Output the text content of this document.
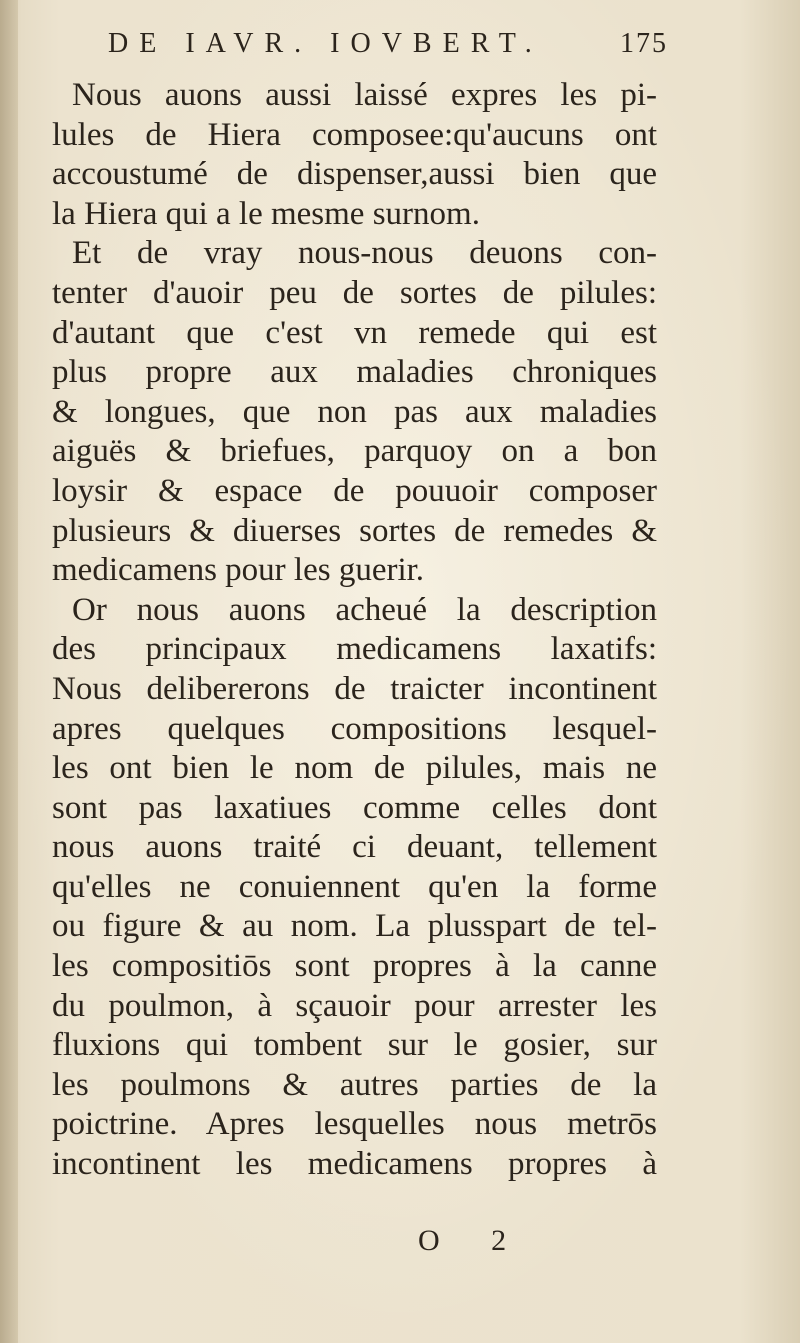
DE IAVR. IOVBERT.	175
Nous auons aussi laissé expres les pi-
lules de Hiera composee:qu'aucuns ont
accoustumé de dispenser,aussi bien que
la Hiera qui a le mesme surnom.
Et de vray nous-nous deuons con-
tenter d'auoir peu de sortes de pilules:
d'autant que c'est vn remede qui est
plus propre aux maladies chroniques
& longues, que non pas aux maladies
aiguës & briefues, parquoy on a bon
loysir & espace de pouuoir composer
plusieurs & diuerses sortes de remedes &
medicamens pour les guerir.
Or nous auons acheué la description
des principaux medicamens laxatifs:
Nous delibererons de traicter incontinent
apres quelques compositions lesquel-
les ont bien le nom de pilules, mais ne
sont pas laxatiues comme celles dont
nous auons traité ci deuant, tellement
qu'elles ne conuiennent qu'en la forme
ou figure & au nom. La plusspart de tel-
les compositiōs sont propres à la canne
du poulmon, à sçauoir pour arrester les
fluxions qui tombent sur le gosier, sur
les poulmons & autres parties de la
poictrine. Apres lesquelles nous metrōs
incontinent les medicamens propres à
O 2
